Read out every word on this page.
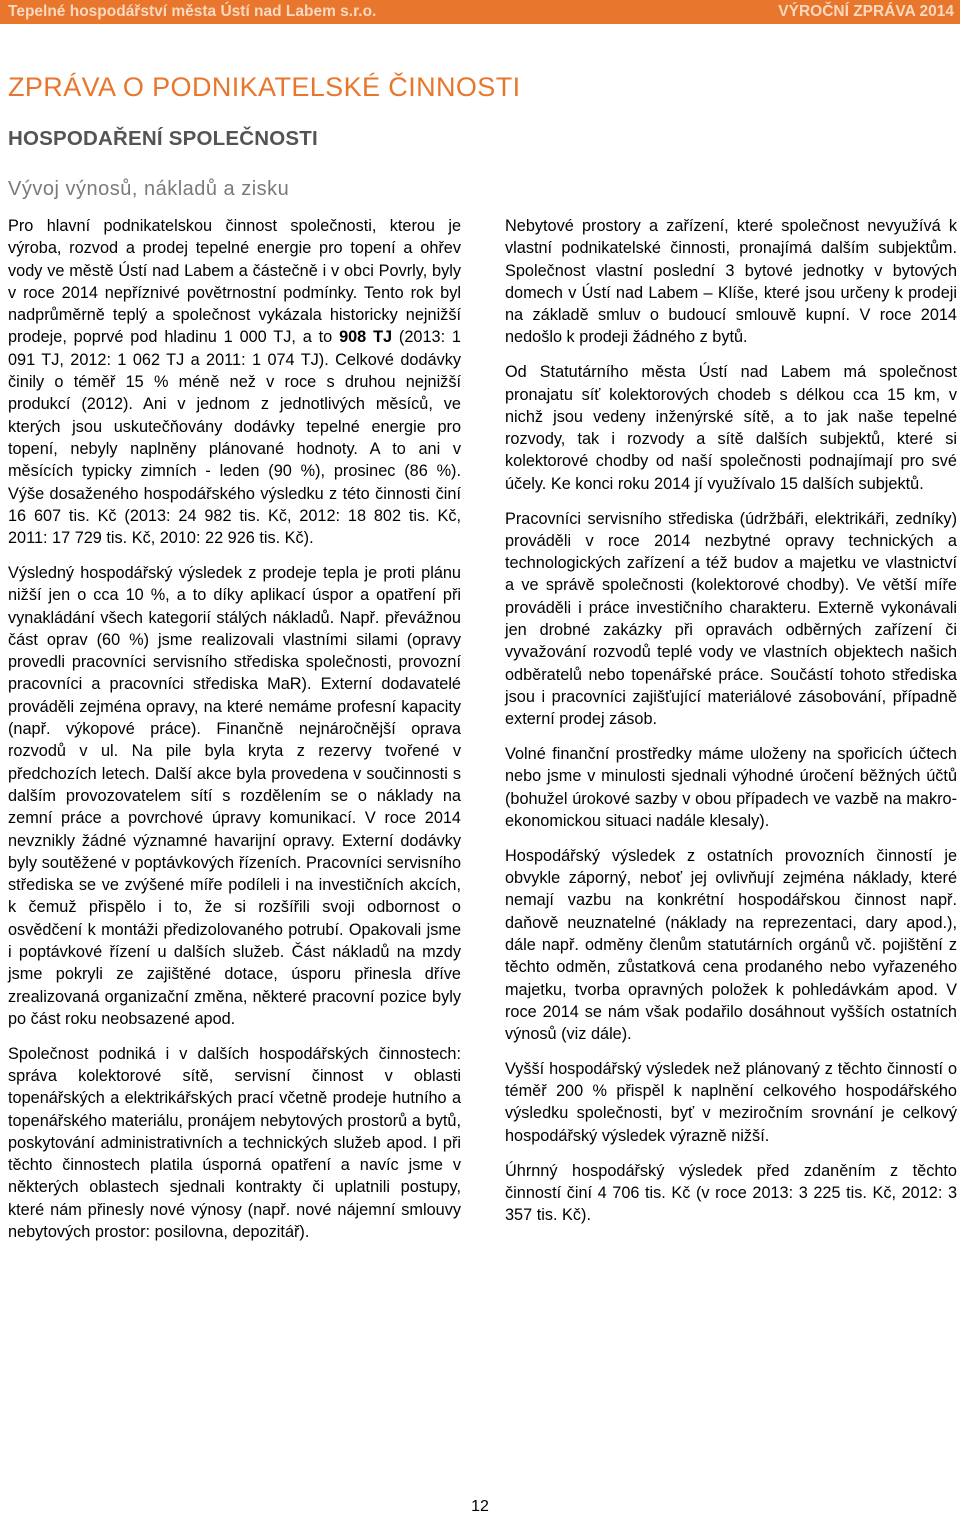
Tepelné hospodářství města Ústí nad Labem s.r.o.	VÝROČNÍ ZPRÁVA 2014
ZPRÁVA O PODNIKATELSKÉ ČINNOSTI
HOSPODAŘENÍ SPOLEČNOSTI
Vývoj výnosů, nákladů a zisku

Pro hlavní podnikatelskou činnost společnosti, kterou je výroba, rozvod a prodej tepelné energie pro topení a ohřev vody ve městě Ústí nad Labem a částečně i v obci Povrly, byly v roce 2014 nepříznivé povětrnostní podmínky. Tento rok byl nadprůměrně teplý a společnost vykázala historicky nejnižší prodeje, poprvé pod hladinu 1 000 TJ, a to 908 TJ (2013: 1 091 TJ, 2012: 1 062 TJ a 2011: 1 074 TJ). Celkové dodávky činily o téměř 15 % méně než v roce s druhou nejnižší produkcí (2012). Ani v jednom z jednotlivých měsíců, ve kterých jsou uskutečňovány dodávky tepelné energie pro topení, nebyly naplněny plánované hodnoty. A to ani v měsících typicky zimních - leden (90 %), prosinec (86 %). Výše dosaženého hospodářského výsledku z této činnosti činí 16 607 tis. Kč (2013: 24 982 tis. Kč, 2012: 18 802 tis. Kč, 2011: 17 729 tis. Kč, 2010: 22 926 tis. Kč).

Výsledný hospodářský výsledek z prodeje tepla je proti plánu nižší jen o cca 10 %, a to díky aplikací úspor a opatření při vynakládání všech kategorií stálých nákladů. Např. převážnou část oprav (60 %) jsme realizovali vlastními silami (opravy provedli pracovníci servisního střediska společnosti, provozní pracovníci a pracovníci střediska MaR). Externí dodavatelé prováděli zejména opravy, na které nemáme profesní kapacity (např. výkopové práce). Finančně nejnáročnější oprava rozvodů v ul. Na pile byla kryta z rezervy tvořené v předchozích letech. Další akce byla provedena v součinnosti s dalším provozovatelem sítí s rozdělením se o náklady na zemní práce a povrchové úpravy komunikací. V roce 2014 nevznikly žádné významné havarijní opravy. Externí dodávky byly soutěžené v poptávkových řízeních. Pracovníci servisního střediska se ve zvýšené míře podíleli i na investičních akcích, k čemuž přispělo i to, že si rozšířili svoji odbornost o osvědčení k montáži předizolovaného potrubí. Opakovali jsme i poptávkové řízení u dalších služeb. Část nákladů na mzdy jsme pokryli ze zajištěné dotace, úsporu přinesla dříve zrealizovaná organizační změna, některé pracovní pozice byly po část roku neobsazené apod.

Společnost podniká i v dalších hospodářských činnostech: správa kolektorové sítě, servisní činnost v oblasti topenářských a elektrikářských prací včetně prodeje hutního a topenářského materiálu, pronájem nebytových prostorů a bytů, poskytování administrativních a technických služeb apod. I při těchto činnostech platila úsporná opatření a navíc jsme v některých oblastech sjednali kontrakty či uplatnili postupy, které nám přinesly nové výnosy (např. nové nájemní smlouvy nebytových prostor: posilovna, depozitář).

Nebytové prostory a zařízení, které společnost nevyužívá k vlastní podnikatelské činnosti, pronajímá dalším subjektům. Společnost vlastní poslední 3 bytové jednotky v bytových domech v Ústí nad Labem – Klíše, které jsou určeny k prodeji na základě smluv o budoucí smlouvě kupní. V roce 2014 nedošlo k prodeji žádného z bytů.

Od Statutárního města Ústí nad Labem má společnost pronajatu síť kolektorových chodeb s délkou cca 15 km, v nichž jsou vedeny inženýrské sítě, a to jak naše tepelné rozvody, tak i rozvody a sítě dalších subjektů, které si kolektorové chodby od naší společnosti podnajímají pro své účely. Ke konci roku 2014 jí využívalo 15 dalších subjektů.

Pracovníci servisního střediska (údržbáři, elektrikáři, zedníky) prováděli v roce 2014 nezbytné opravy technických a technologických zařízení a též budov a majetku ve vlastnictví a ve správě společnosti (kolektorové chodby). Ve větší míře prováděli i práce investičního charakteru. Externě vykonávali jen drobné zakázky při opravách odběrných zařízení či vyvažování rozvodů teplé vody ve vlastních objektech našich odběratelů nebo topenářské práce. Součástí tohoto střediska jsou i pracovníci zajišťující materiálové zásobování, případně externí prodej zásob.

Volné finanční prostředky máme uloženy na spořicích účtech nebo jsme v minulosti sjednali výhodné úročení běžných účtů (bohužel úrokové sazby v obou případech ve vazbě na makro-ekonomickou situaci nadále klesaly).

Hospodářský výsledek z ostatních provozních činností je obvykle záporný, neboť jej ovlivňují zejména náklady, které nemají vazbu na konkrétní hospodářskou činnost např. daňově neuznatelné (náklady na reprezentaci, dary apod.), dále např. odměny členům statutárních orgánů vč. pojištění z těchto odměn, zůstatková cena prodaného nebo vyřazeného majetku, tvorba opravných položek k pohledávkám apod. V roce 2014 se nám však podařilo dosáhnout vyšších ostatních výnosů (viz dále).

Vyšší hospodářský výsledek než plánovaný z těchto činností o téměř 200 % přispěl k naplnění celkového hospodářského výsledku společnosti, byť v meziročním srovnání je celkový hospodářský výsledek výrazně nižší.

Úhrnný hospodářský výsledek před zdaněním z těchto činností činí 4 706 tis. Kč (v roce 2013: 3 225 tis. Kč, 2012: 3 357 tis. Kč).

12
